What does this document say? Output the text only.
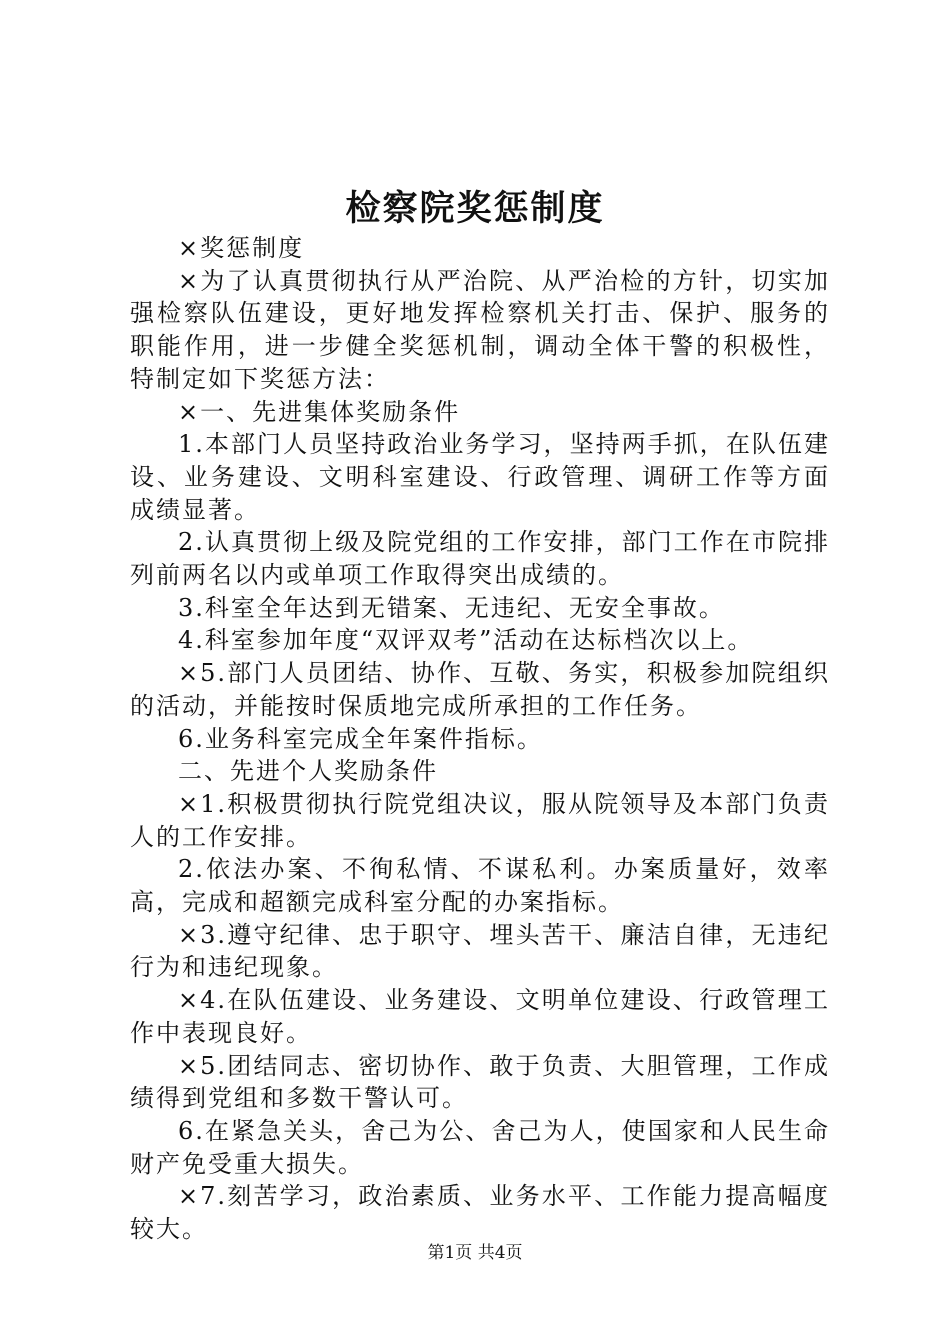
检察院奖惩制度

×奖惩制度

×为了认真贯彻执行从严治院、从严治检的方针，切实加强检察队伍建设，更好地发挥检察机关打击、保护、服务的职能作用，进一步健全奖惩机制，调动全体干警的积极性，特制定如下奖惩方法：

×一、先进集体奖励条件

1.本部门人员坚持政治业务学习，坚持两手抓，在队伍建设、业务建设、文明科室建设、行政管理、调研工作等方面成绩显著。

2.认真贯彻上级及院党组的工作安排，部门工作在市院排列前两名以内或单项工作取得突出成绩的。

3.科室全年达到无错案、无违纪、无安全事故。

4.科室参加年度“双评双考”活动在达标档次以上。

×5.部门人员团结、协作、互敬、务实，积极参加院组织的活动，并能按时保质地完成所承担的工作任务。

6.业务科室完成全年案件指标。

二、先进个人奖励条件

×1.积极贯彻执行院党组决议，服从院领导及本部门负责人的工作安排。

2.依法办案、不徇私情、不谋私利。办案质量好，效率高，完成和超额完成科室分配的办案指标。

×3.遵守纪律、忠于职守、埋头苦干、廉洁自律，无违纪行为和违纪现象。

×4.在队伍建设、业务建设、文明单位建设、行政管理工作中表现良好。

×5.团结同志、密切协作、敢于负责、大胆管理，工作成绩得到党组和多数干警认可。

6.在紧急关头，舍己为公、舍己为人，使国家和人民生命财产免受重大损失。

×7.刻苦学习，政治素质、业务水平、工作能力提高幅度较大。

第1页 共4页
